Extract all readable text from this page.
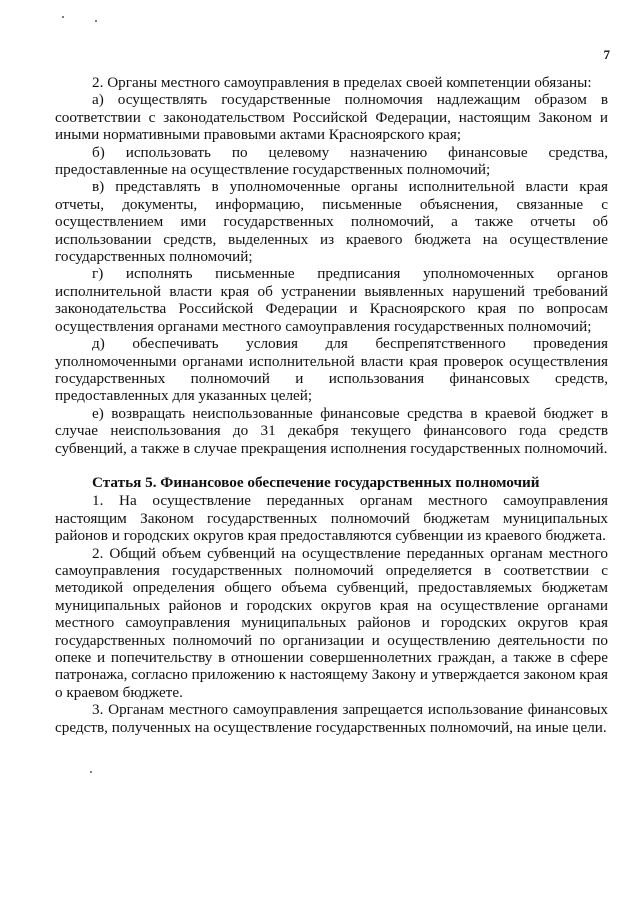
7

2. Органы местного самоуправления в пределах своей компетенции обязаны:

а) осуществлять государственные полномочия надлежащим образом в соответствии с законодательством Российской Федерации, настоящим Законом и иными нормативными правовыми актами Красноярского края;

б) использовать по целевому назначению финансовые средства, предоставленные на осуществление государственных полномочий;

в) представлять в уполномоченные органы исполнительной власти края отчеты, документы, информацию, письменные объяснения, связанные с осуществлением ими государственных полномочий, а также отчеты об использовании средств, выделенных из краевого бюджета на осуществление государственных полномочий;

г) исполнять письменные предписания уполномоченных органов исполнительной власти края об устранении выявленных нарушений требований законодательства Российской Федерации и Красноярского края по вопросам осуществления органами местного самоуправления государственных полномочий;

д) обеспечивать условия для беспрепятственного проведения уполномоченными органами исполнительной власти края проверок осуществления государственных полномочий и использования финансовых средств, предоставленных для указанных целей;

е) возвращать неиспользованные финансовые средства в краевой бюджет в случае неиспользования до 31 декабря текущего финансового года средств субвенций, а также в случае прекращения исполнения государственных полномочий.

Статья 5. Финансовое обеспечение государственных полномочий

1. На осуществление переданных органам местного самоуправления настоящим Законом государственных полномочий бюджетам муниципальных районов и городских округов края предоставляются субвенции из краевого бюджета.

2. Общий объем субвенций на осуществление переданных органам местного самоуправления государственных полномочий определяется в соответствии с методикой определения общего объема субвенций, предоставляемых бюджетам муниципальных районов и городских округов края на осуществление органами местного самоуправления муниципальных районов и городских округов края государственных полномочий по организации и осуществлению деятельности по опеке и попечительству в отношении совершеннолетних граждан, а также в сфере патронажа, согласно приложению к настоящему Закону и утверждается законом края о краевом бюджете.

3. Органам местного самоуправления запрещается использование финансовых средств, полученных на осуществление государственных полномочий, на иные цели.
